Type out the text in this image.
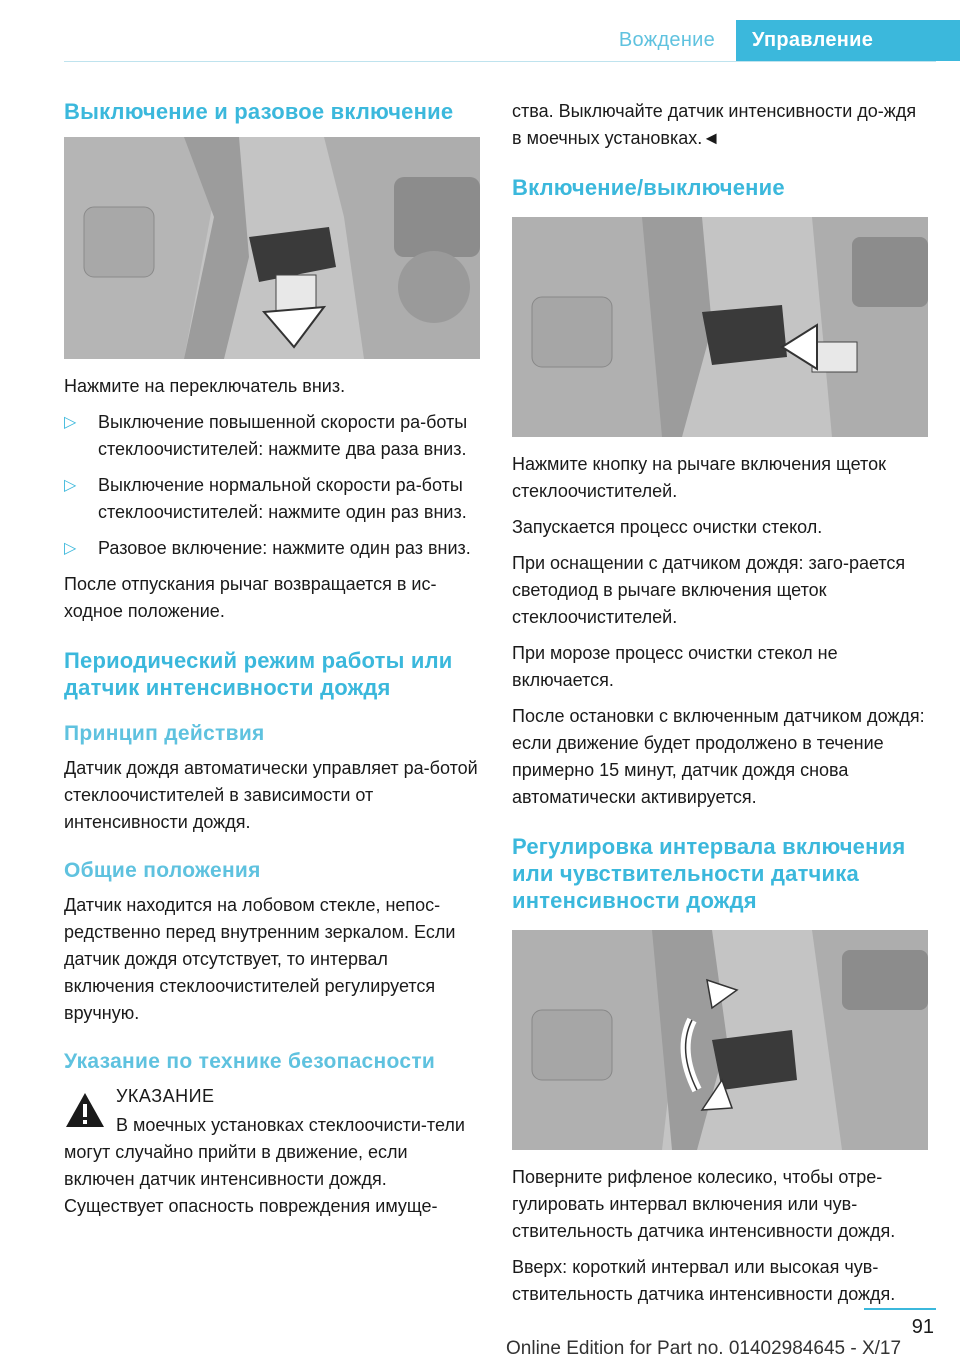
Вождение	Управление
Выключение и разовое включение

Нажмите на переключатель вниз.

▷ Выключение повышенной скорости ра-боты стеклоочистителей: нажмите два раза вниз.
▷ Выключение нормальной скорости ра-боты стеклоочистителей: нажмите один раз вниз.
▷ Разовое включение: нажмите один раз вниз.

После отпускания рычаг возвращается в ис-ходное положение.

Периодический режим работы или датчик интенсивности дождя
Принцип действия

Датчик дождя автоматически управляет ра-ботой стеклоочистителей в зависимости от интенсивности дождя.

Общие положения

Датчик находится на лобовом стекле, непос-редственно перед внутренним зеркалом. Если датчик дождя отсутствует, то интервал включения стеклоочистителей регулируется вручную.

Указание по технике безопасности

УКАЗАНИЕ

В моечных установках стеклоочисти-тели могут случайно прийти в движение, если включен датчик интенсивности дождя. Существует опасность повреждения имуще-

ства. Выключайте датчик интенсивности до-ждя в моечных установках.◄

Включение/выключение

Нажмите кнопку на рычаге включения щеток стеклоочистителей.

Запускается процесс очистки стекол.

При оснащении с датчиком дождя: заго-рается светодиод в рычаге включения щеток стеклоочистителей.

При морозе процесс очистки стекол не включается.

После остановки с включенным датчиком дождя: если движение будет продолжено в течение примерно 15 минут, датчик дождя снова автоматически активируется.

Регулировка интервала включения или чувствительности датчика интенсивности дождя

Поверните рифленое колесико, чтобы отре-гулировать интервал включения или чув-ствительность датчика интенсивности дождя.

Вверх: короткий интервал или высокая чув-ствительность датчика интенсивности дождя.

91
Online Edition for Part no. 01402984645 - X/17
